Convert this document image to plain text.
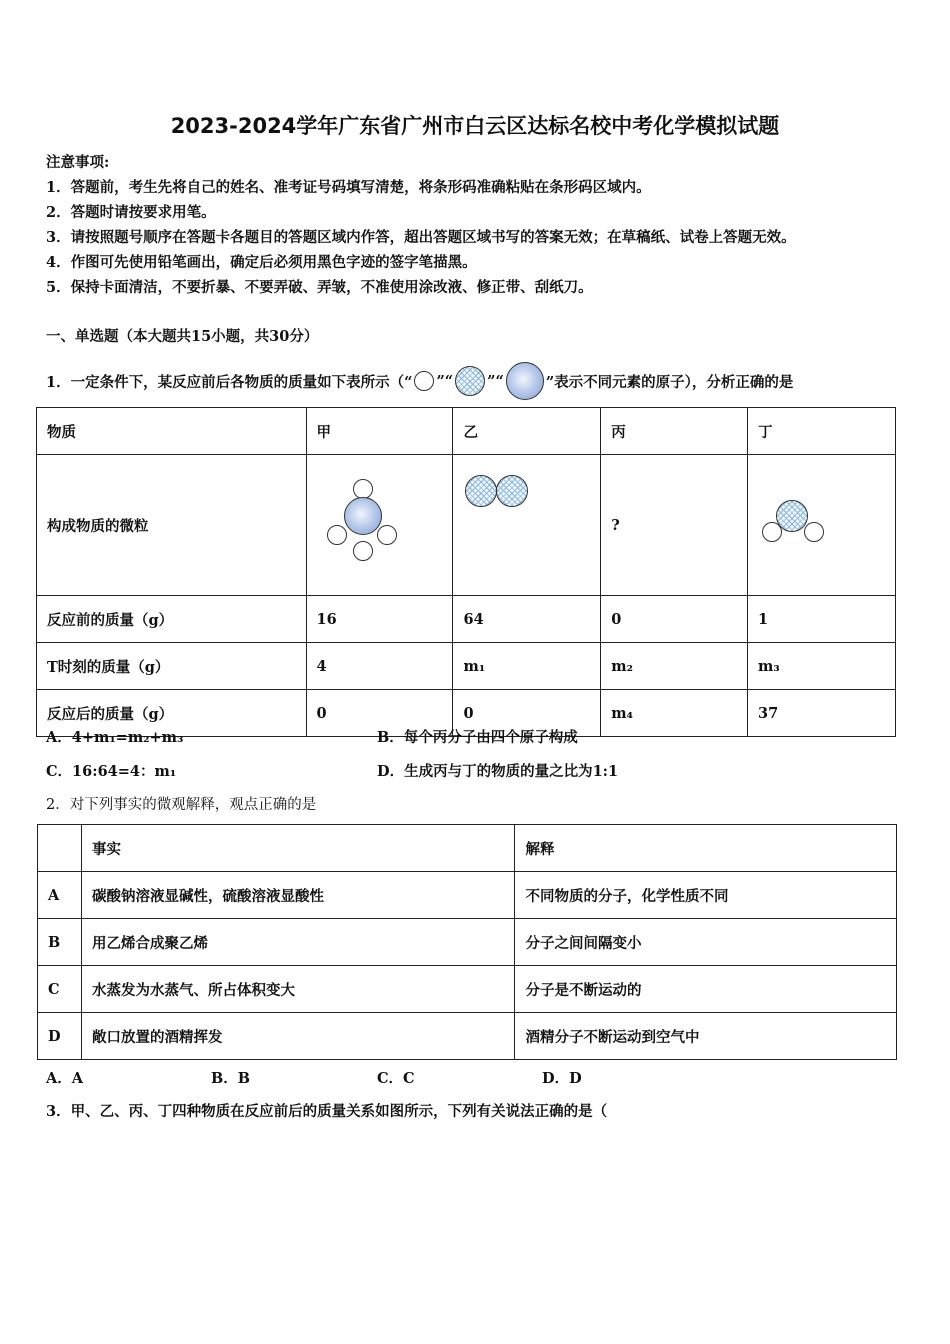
2023-2024学年广东省广州市白云区达标名校中考化学模拟试题
注意事项:
1．答题前，考生先将自己的姓名、准考证号码填写清楚，将条形码准确粘贴在条形码区域内。
2．答题时请按要求用笔。
3．请按照题号顺序在答题卡各题目的答题区域内作答，超出答题区域书写的答案无效；在草稿纸、试卷上答题无效。
4．作图可先使用铅笔画出，确定后必须用黑色字迹的签字笔描黑。
5．保持卡面清洁，不要折暴、不要弄破、弄皱，不准使用涂改液、修正带、刮纸刀。
一、单选题（本大题共15小题，共30分）
1．一定条件下，某反应前后各物质的质量如下表所示（“ ”“ ”“	”表示不同元素的原子），分析正确的是
物质	甲	乙	丙	丁
构成物质的微粒			?	

反应前的质量（g）	16	64	0	1
T时刻的质量（g）	4	m₁	m₂	m₃
反应后的质量（g）	0	0	m₄	37
A．4+m₁=m₂+m₃	B．每个丙分子由四个原子构成
C．16:64=4：m₁	D．生成丙与丁的物质的量之比为1:1
2．对下列事实的微观解释，观点正确的是
	事实	解释
A	碳酸钠溶液显碱性，硫酸溶液显酸性	不同物质的分子，化学性质不同
B	用乙烯合成聚乙烯	分子之间间隔变小
C	水蒸发为水蒸气、所占体积变大	分子是不断运动的
D	敞口放置的酒精挥发	酒精分子不断运动到空气中
A．A	B．B	C．C	D．D
3．甲、乙、丙、丁四种物质在反应前后的质量关系如图所示，下列有关说法正确的是（
